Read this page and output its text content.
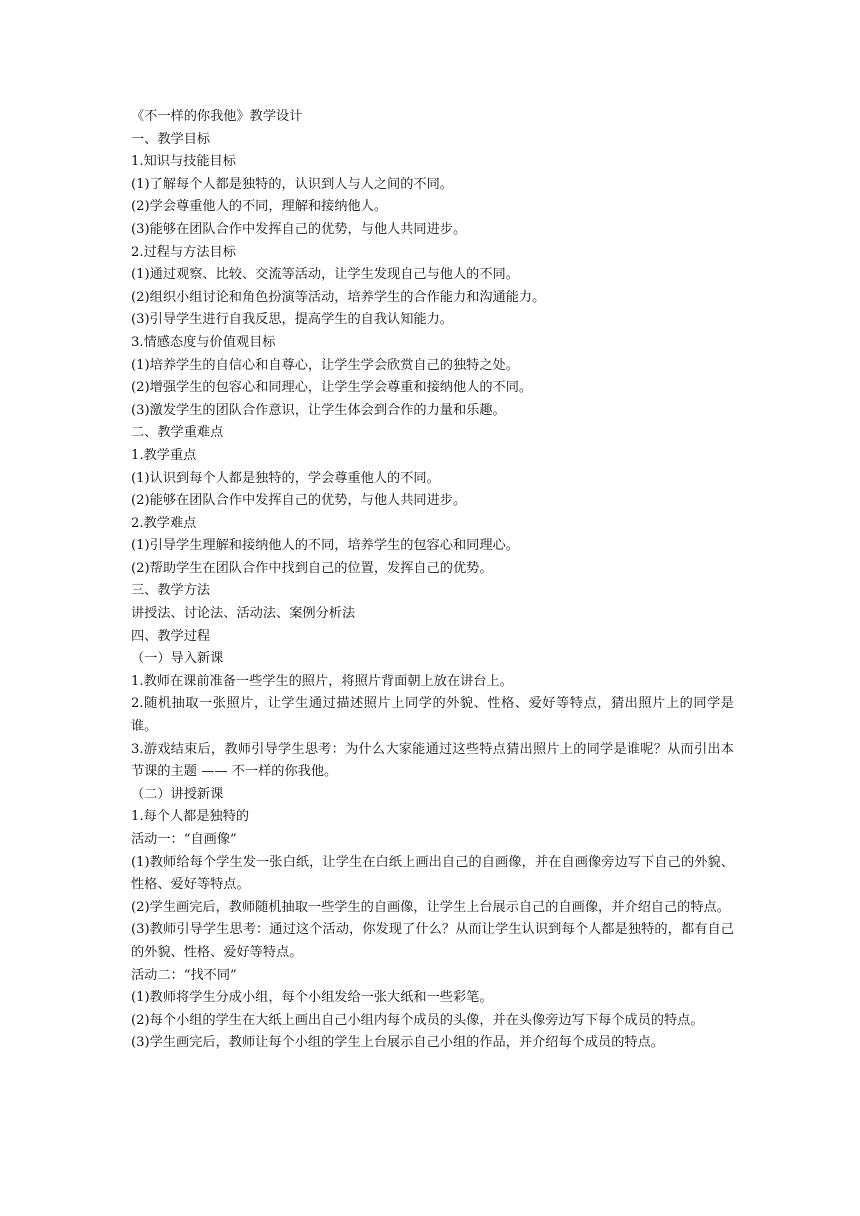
《不一样的你我他》教学设计

一、教学目标

1.知识与技能目标

(1)了解每个人都是独特的，认识到人与人之间的不同。

(2)学会尊重他人的不同，理解和接纳他人。

(3)能够在团队合作中发挥自己的优势，与他人共同进步。

2.过程与方法目标

(1)通过观察、比较、交流等活动，让学生发现自己与他人的不同。

(2)组织小组讨论和角色扮演等活动，培养学生的合作能力和沟通能力。

(3)引导学生进行自我反思，提高学生的自我认知能力。

3.情感态度与价值观目标

(1)培养学生的自信心和自尊心，让学生学会欣赏自己的独特之处。

(2)增强学生的包容心和同理心，让学生学会尊重和接纳他人的不同。

(3)激发学生的团队合作意识，让学生体会到合作的力量和乐趣。

二、教学重难点

1.教学重点

(1)认识到每个人都是独特的，学会尊重他人的不同。

(2)能够在团队合作中发挥自己的优势，与他人共同进步。

2.教学难点

(1)引导学生理解和接纳他人的不同，培养学生的包容心和同理心。

(2)帮助学生在团队合作中找到自己的位置，发挥自己的优势。

三、教学方法

讲授法、讨论法、活动法、案例分析法

四、教学过程

（一）导入新课

1.教师在课前准备一些学生的照片，将照片背面朝上放在讲台上。

2.随机抽取一张照片，让学生通过描述照片上同学的外貌、性格、爱好等特点，猜出照片上的同学是谁。

3.游戏结束后，教师引导学生思考：为什么大家能通过这些特点猜出照片上的同学是谁呢？从而引出本节课的主题 —— 不一样的你我他。

（二）讲授新课

1.每个人都是独特的

活动一：“自画像”

(1)教师给每个学生发一张白纸，让学生在白纸上画出自己的自画像，并在自画像旁边写下自己的外貌、性格、爱好等特点。

(2)学生画完后，教师随机抽取一些学生的自画像，让学生上台展示自己的自画像，并介绍自己的特点。

(3)教师引导学生思考：通过这个活动，你发现了什么？从而让学生认识到每个人都是独特的，都有自己的外貌、性格、爱好等特点。

活动二：“找不同”

(1)教师将学生分成小组，每个小组发给一张大纸和一些彩笔。

(2)每个小组的学生在大纸上画出自己小组内每个成员的头像，并在头像旁边写下每个成员的特点。

(3)学生画完后，教师让每个小组的学生上台展示自己小组的作品，并介绍每个成员的特点。
